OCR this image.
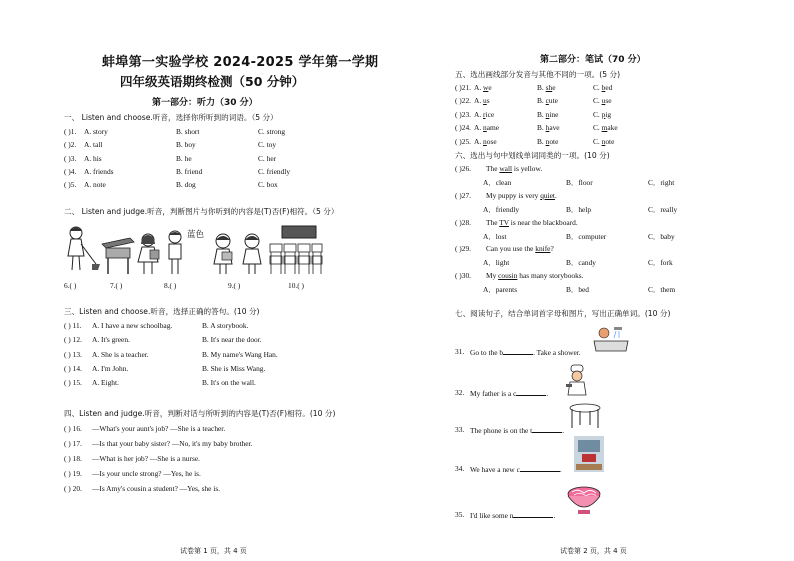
蚌埠第一实验学校 2024-2025 学年第一学期
四年级英语期终检测（50 分钟）
第一部分：听力（30 分）
一、 Listen and choose.听音，选择你所听到的词语。（5 分）
( )1. A. story	B. short	C. strong
( )2. A. tall	B. boy	C. toy
( )3. A. his	B. he	C. her
( )4. A. friends	B. friend	C. friendly
( )5. A. note	B. dog	C. box
二、 Listen and judge.听音，判断图片与你听到的内容是(T)否(F)相符。（5 分）
蓝色
6.( )	7.( )	8.( )	9.( )	10.( )
三、Listen and choose.听音，选择正确的答句。(10 分)
( ) 11. A. I have a new schoolbag.	B. A storybook.
( ) 12. A. It's green.	B. It's near the door.
( ) 13. A. She is a teacher.	B. My name's Wang Han.
( ) 14. A. I'm John.	B. She is Miss Wang.
( ) 15. A. Eight.	B. It's on the wall.
四、Listen and judge.听音，判断对话与所听到的内容是(T)否(F)相符。(10 分)
( ) 16. —What's your aunt's job? —She is a teacher.
( ) 17. —Is that your baby sister? —No, it's my baby brother.
( ) 18. —What is her job? —She is a nurse.
( ) 19. —Is your uncle strong? —Yes, he is.
( ) 20. —Is Amy's cousin a student? —Yes, she is.
试卷第 1 页，共 4 页
第二部分：笔试（70 分）
五、选出画线部分发音与其他不同的一项。(5 分)
( )21. A. we	B. she	C. bed
( )22. A. us	B. cute	C. use
( )23. A. rice	B. nine	C. pig
( )24. A. name	B. have	C. make
( )25. A. nose	B. note	C. note
六、选出与句中划线单词同类的一项。(10 分)
( )26. The wall is yellow.
A．clean	B．floor	C．right
( )27. My puppy is very quiet.
A．friendly	B．help	C．really
( )28. The TV is near the blackboard.
A．lost	B．computer	C．baby
( )29. Can you use the knife?
A．light	B．candy	C．fork
( )30. My cousin has many storybooks.
A．parents	B．bed	C．them
七、阅读句子，结合单词首字母和图片，写出正确单词。(10 分)
31. Go to the b	. Take a shower.
32. My father is a c	.
33. The phone is on the t	.
34. We have a new c	.
35. I'd like some n	.
试卷第 2 页，共 4 页
